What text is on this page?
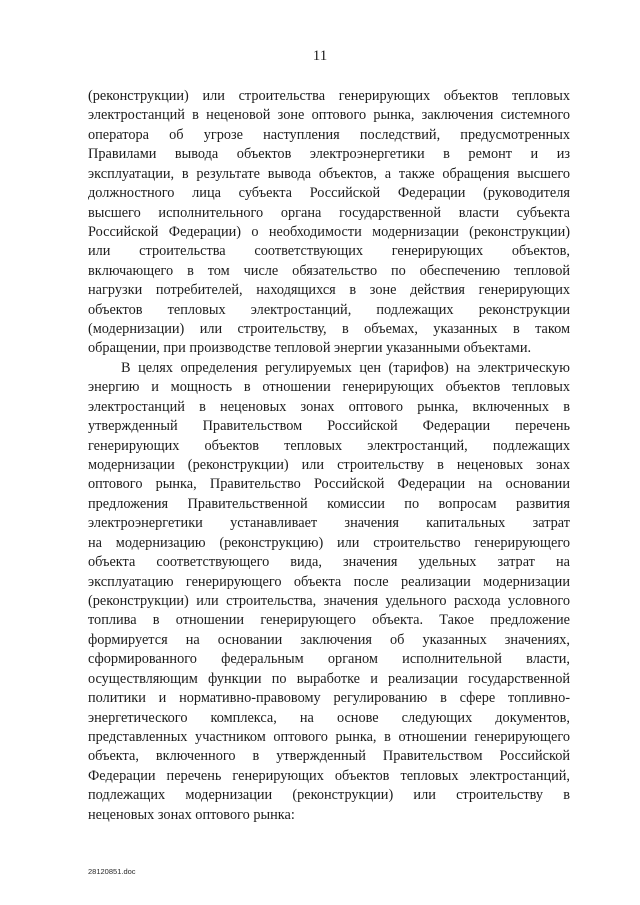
11
(реконструкции) или строительства генерирующих объектов тепловых
электростанций в неценовой зоне оптового рынка, заключения системного
оператора об угрозе наступления последствий, предусмотренных
Правилами вывода объектов электроэнергетики в ремонт и из
эксплуатации, в результате вывода объектов, а также обращения высшего
должностного лица субъекта Российской Федерации (руководителя
высшего исполнительного органа государственной власти субъекта
Российской Федерации) о необходимости модернизации (реконструкции)
или строительства соответствующих генерирующих объектов,
включающего в том числе обязательство по обеспечению тепловой
нагрузки потребителей, находящихся в зоне действия генерирующих
объектов тепловых электростанций, подлежащих реконструкции
(модернизации) или строительству, в объемах, указанных в таком
обращении, при производстве тепловой энергии указанными объектами.
В целях определения регулируемых цен (тарифов) на электрическую
энергию и мощность в отношении генерирующих объектов тепловых
электростанций в неценовых зонах оптового рынка, включенных в
утвержденный Правительством Российской Федерации перечень
генерирующих объектов тепловых электростанций, подлежащих
модернизации (реконструкции) или строительству в неценовых зонах
оптового рынка, Правительство Российской Федерации на основании
предложения Правительственной комиссии по вопросам развития
электроэнергетики устанавливает значения капитальных затрат
на модернизацию (реконструкцию) или строительство генерирующего
объекта соответствующего вида, значения удельных затрат на
эксплуатацию генерирующего объекта после реализации модернизации
(реконструкции) или строительства, значения удельного расхода условного
топлива в отношении генерирующего объекта. Такое предложение
формируется на основании заключения об указанных значениях,
сформированного федеральным органом исполнительной власти,
осуществляющим функции по выработке и реализации государственной
политики и нормативно-правовому регулированию в сфере топливно-
энергетического комплекса, на основе следующих документов,
представленных участником оптового рынка, в отношении генерирующего
объекта, включенного в утвержденный Правительством Российской
Федерации перечень генерирующих объектов тепловых электростанций,
подлежащих модернизации (реконструкции) или строительству в
неценовых зонах оптового рынка:
28120851.doc
